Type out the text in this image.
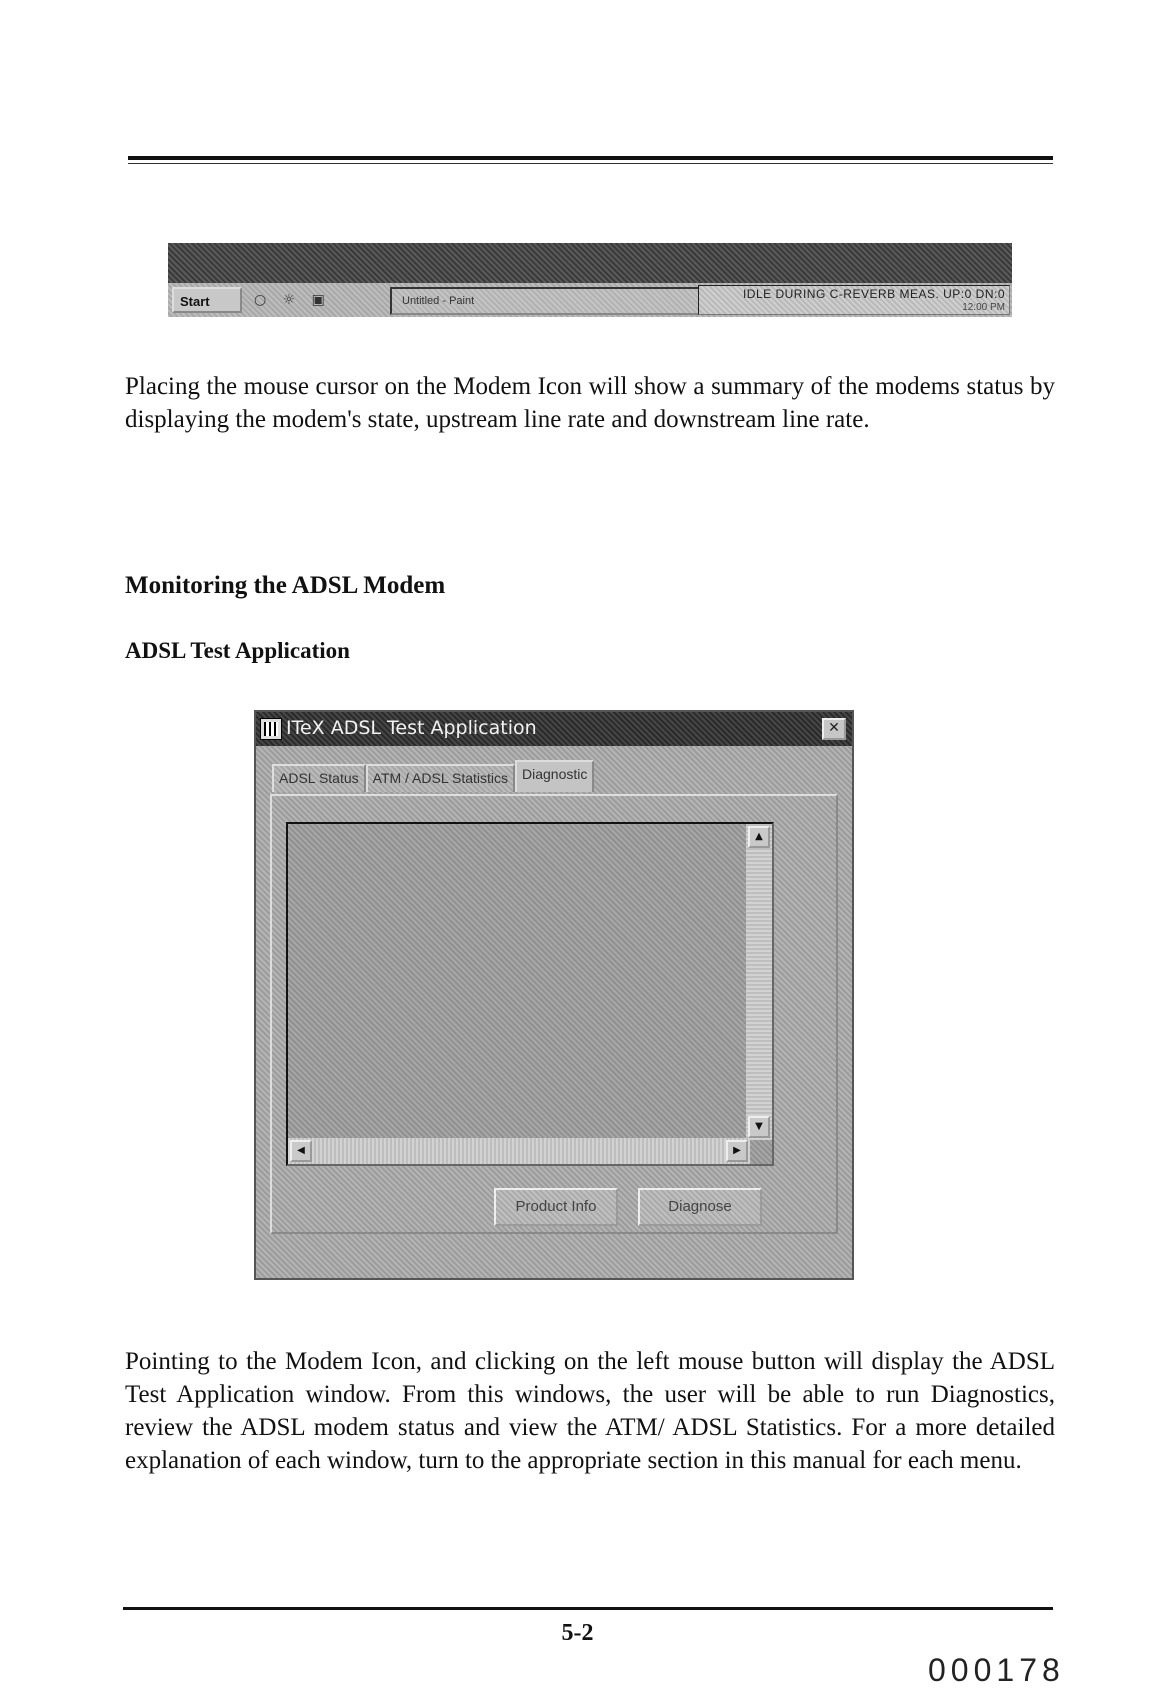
Start	○ ☼ ▣	Untitled - Paint	IDLE DURING C-REVERB MEAS. UP:0 DN:0
12:00 PM

Placing the mouse cursor on the Modem Icon will show a summary of the modems status by displaying the modem's state, upstream line rate and downstream line rate.

Monitoring the ADSL Modem
ADSL Test Application
ITeX ADSL Test Application	✕
ADSL Status	ATM / ADSL Statistics	Diagnostic
▲
▼
◀	▶
Product Info	Diagnose

Pointing to the Modem Icon, and clicking on the left mouse button will display the ADSL Test Application window. From this windows, the user will be able to run Diagnostics, review the ADSL modem status and view the ATM/ ADSL Statistics. For a more detailed explanation of each window, turn to the appropriate section in this manual for each menu.

5-2

000178
